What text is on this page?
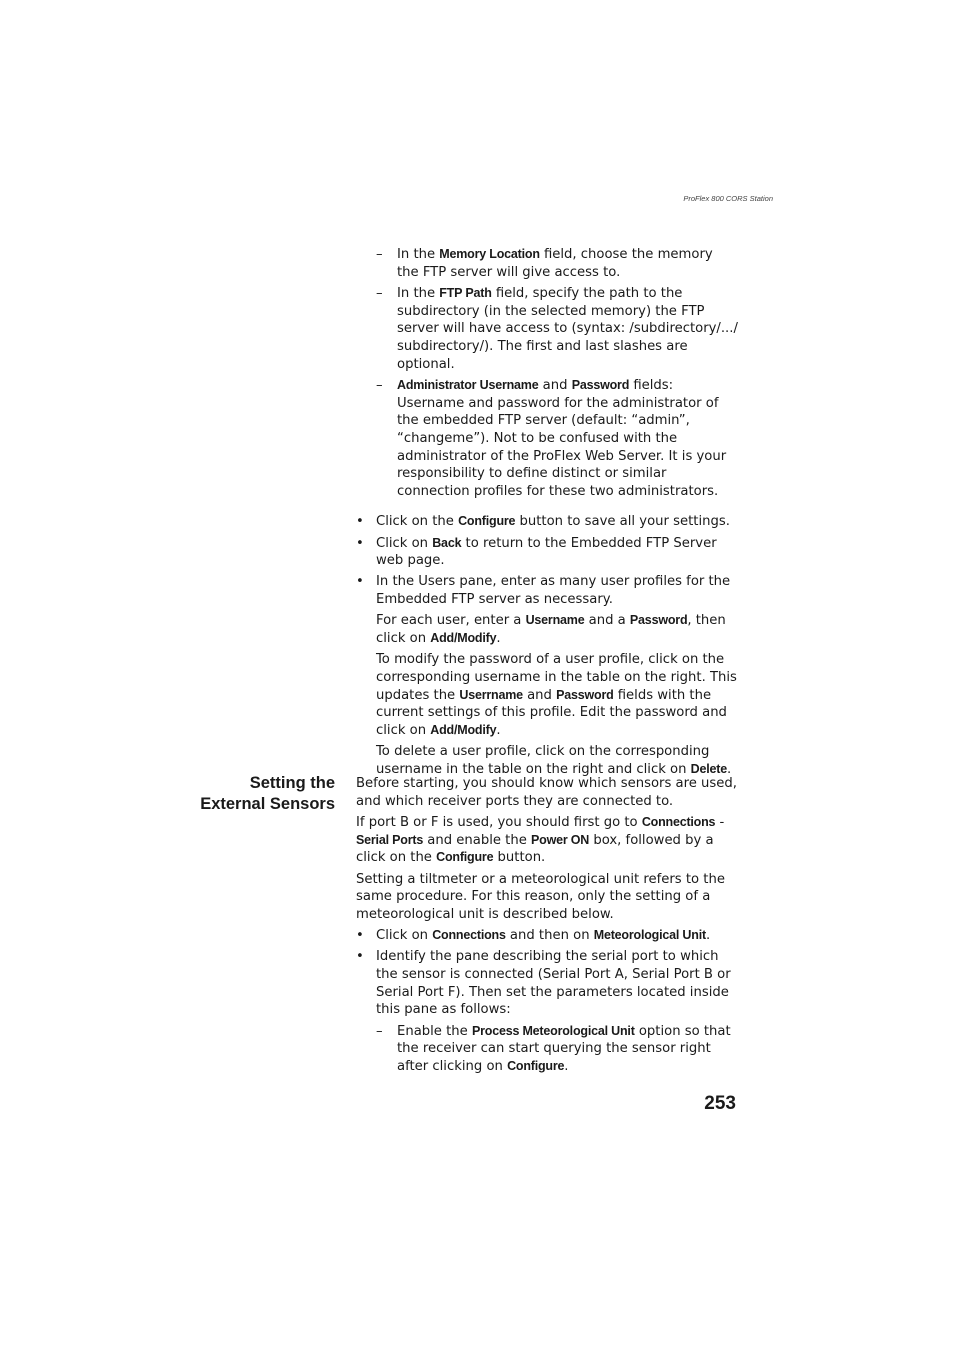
ProFlex 800 CORS Station
– In the Memory Location field, choose the memory the FTP server will give access to.
– In the FTP Path field, specify the path to the subdirectory (in the selected memory) the FTP server will have access to (syntax: /subdirectory/.../ subdirectory/). The first and last slashes are optional.
– Administrator Username and Password fields: Username and password for the administrator of the embedded FTP server (default: “admin”, “changeme”). Not to be confused with the administrator of the ProFlex Web Server. It is your responsibility to define distinct or similar connection profiles for these two administrators.
• Click on the Configure button to save all your settings.
• Click on Back to return to the Embedded FTP Server web page.
• In the Users pane, enter as many user profiles for the Embedded FTP server as necessary.

For each user, enter a Username and a Password, then click on Add/Modify.

To modify the password of a user profile, click on the corresponding username in the table on the right. This updates the Userrname and Password fields with the current settings of this profile. Edit the password and click on Add/Modify.

To delete a user profile, click on the corresponding username in the table on the right and click on Delete.

Setting the
External Sensors

Before starting, you should know which sensors are used, and which receiver ports they are connected to.

If port B or F is used, you should first go to Connections - Serial Ports and enable the Power ON box, followed by a click on the Configure button.

Setting a tiltmeter or a meteorological unit refers to the same procedure. For this reason, only the setting of a meteorological unit is described below.

• Click on Connections and then on Meteorological Unit.
• Identify the pane describing the serial port to which the sensor is connected (Serial Port A, Serial Port B or Serial Port F). Then set the parameters located inside this pane as follows:
– Enable the Process Meteorological Unit option so that the receiver can start querying the sensor right after clicking on Configure.
253
